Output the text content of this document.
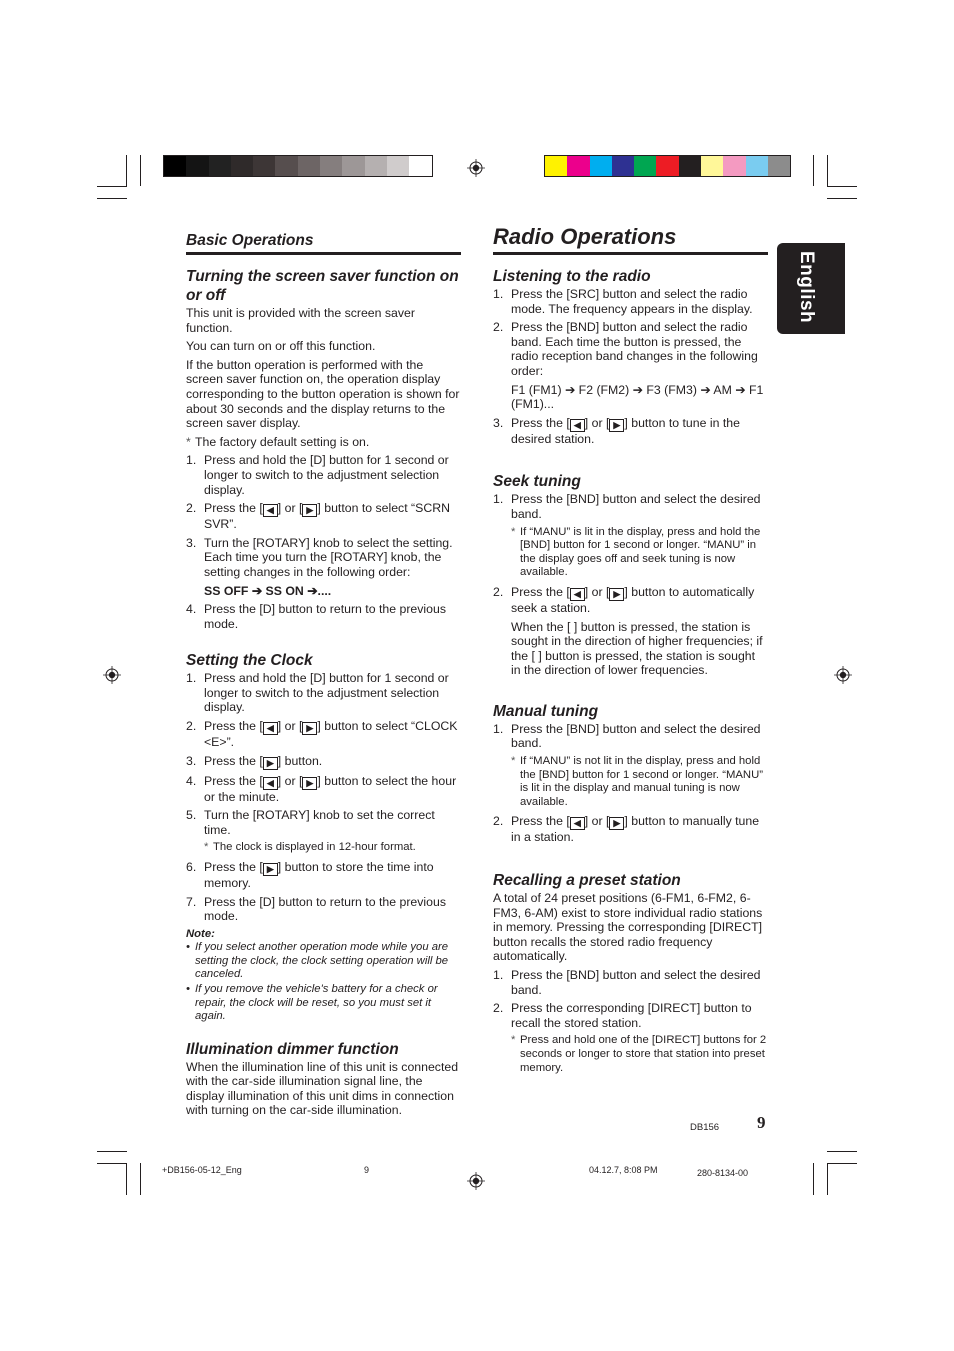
Basic Operations	Radio Operations
English
Turning the screen saver function on or off

This unit is provided with the screen saver function.

You can turn on or off this function.

If the button operation is performed with the screen saver function on, the operation display corresponding to the button operation is shown for about 30 seconds and the display returns to the screen saver display.

* The factory default setting is on.
1. Press and hold the [D] button for 1 second or longer to switch to the adjustment selection display.
2. Press the [ ◀ ] or [ ▶ ] button to select “SCRN SVR”.
3. Turn the [ROTARY] knob to select the setting. Each time you turn the [ROTARY] knob, the setting changes in the following order:
SS OFF ➔ SS ON ➔....
4. Press the [D] button to return to the previous mode.
Setting the Clock
1. Press and hold the [D] button for 1 second or longer to switch to the adjustment selection display.
2. Press the [ ◀ ] or [ ▶ ] button to select “CLOCK <E>”.
3. Press the [ ▶ ] button.
4. Press the [ ◀ ] or [ ▶ ] button to select the hour or the minute.
5. Turn the [ROTARY] knob to set the correct time.
* The clock is displayed in 12-hour format.
6. Press the [ ▶ ] button to store the time into memory.
7. Press the [D] button to return to the previous mode.
Note:
• If you select another operation mode while you are setting the clock, the clock setting operation will be canceled.
• If you remove the vehicle's battery for a check or repair, the clock will be reset, so you must set it again.
Illumination dimmer function

When the illumination line of this unit is connected with the car-side illumination signal line, the display illumination of this unit dims in connection with turning on the car-side illumination.

Listening to the radio
1. Press the [SRC] button and select the radio mode. The frequency appears in the display.
2. Press the [BND] button and select the radio band. Each time the button is pressed, the radio reception band changes in the following order:
F1 (FM1) ➔ F2 (FM2) ➔ F3 (FM3) ➔ AM ➔ F1 (FM1)...
3. Press the [ ◀ ] or [ ▶ ] button to tune in the desired station.
Seek tuning
1. Press the [BND] button and select the desired band.
* If “MANU” is lit in the display, press and hold the [BND] button for 1 second or longer. “MANU” in the display goes off and seek tuning is now available.
2. Press the [ ◀ ] or [ ▶ ] button to automatically seek a station.
When the [ ] button is pressed, the station is sought in the direction of higher frequencies; if the [ ] button is pressed, the station is sought in the direction of lower frequencies.
Manual tuning
1. Press the [BND] button and select the desired band.
* If “MANU” is not lit in the display, press and hold the [BND] button for 1 second or longer. “MANU” is lit in the display and manual tuning is now available.
2. Press the [ ◀ ] or [ ▶ ] button to manually tune in a station.
Recalling a preset station

A total of 24 preset positions (6-FM1, 6-FM2, 6-FM3, 6-AM) exist to store individual radio stations in memory. Pressing the corresponding [DIRECT] button recalls the stored radio frequency automatically.

1. Press the [BND] button and select the desired band.
2. Press the corresponding [DIRECT] button to recall the stored station.
* Press and hold one of the [DIRECT] buttons for 2 seconds or longer to store that station into preset memory.
DB156 9
+DB156-05-12_Eng	9	04.12.7, 8:08 PM	280-8134-00
